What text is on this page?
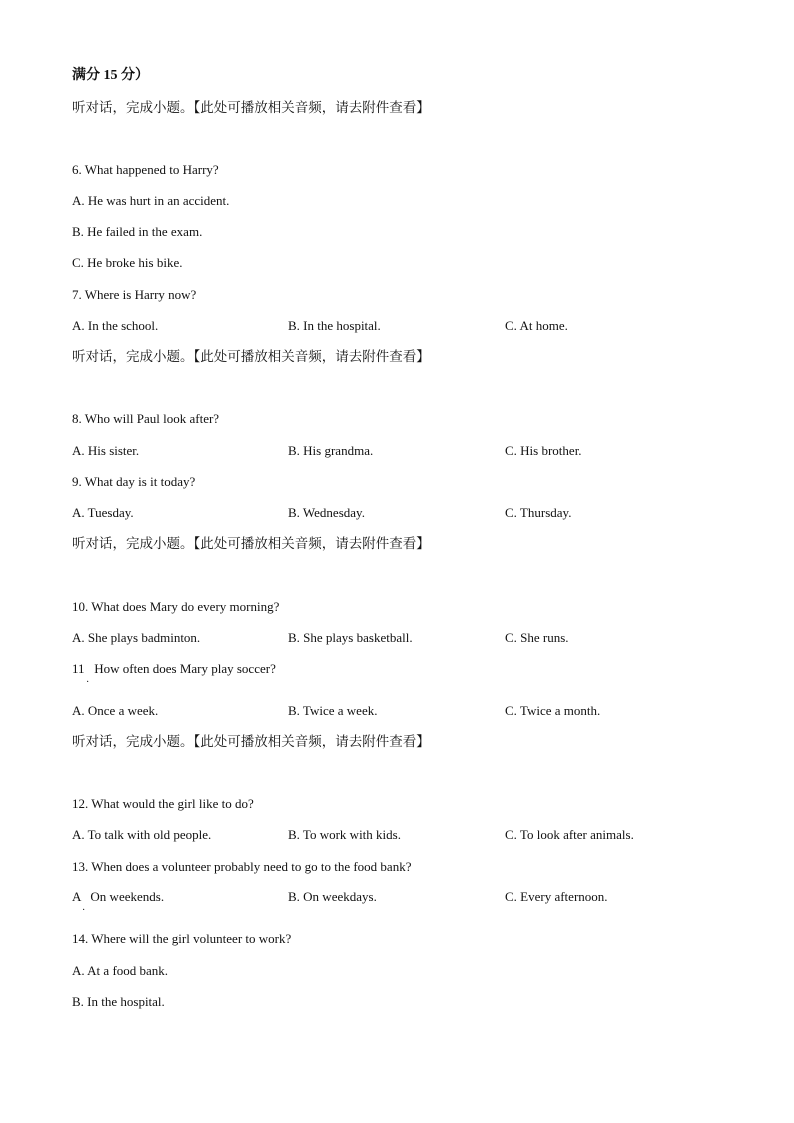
满分 15 分）
听对话，完成小题。【此处可播放相关音频，请去附件查看】
6. What happened to Harry?
A. He was hurt in an accident.
B. He failed in the exam.
C. He broke his bike.
7. Where is Harry now?
A. In the school.	B. In the hospital.	C. At home.
听对话，完成小题。【此处可播放相关音频，请去附件查看】
8. Who will Paul look after?
A. His sister.	B. His grandma.	C. His brother.
9. What day is it today?
A. Tuesday.	B. Wednesday.	C. Thursday.
听对话，完成小题。【此处可播放相关音频，请去附件查看】
10. What does Mary do every morning?
A. She plays badminton.	B. She plays basketball.	C. She runs.
11   How often does Mary play soccer?
·
A. Once a week.	B. Twice a week.	C. Twice a month.
听对话，完成小题。【此处可播放相关音频，请去附件查看】
12. What would the girl like to do?
A. To talk with old people.	B. To work with kids.	C. To look after animals.
13. When does a volunteer probably need to go to the food bank?
A   On weekends.
·
B. On weekdays.	C. Every afternoon.
14. Where will the girl volunteer to work?
A. At a food bank.
B. In the hospital.
